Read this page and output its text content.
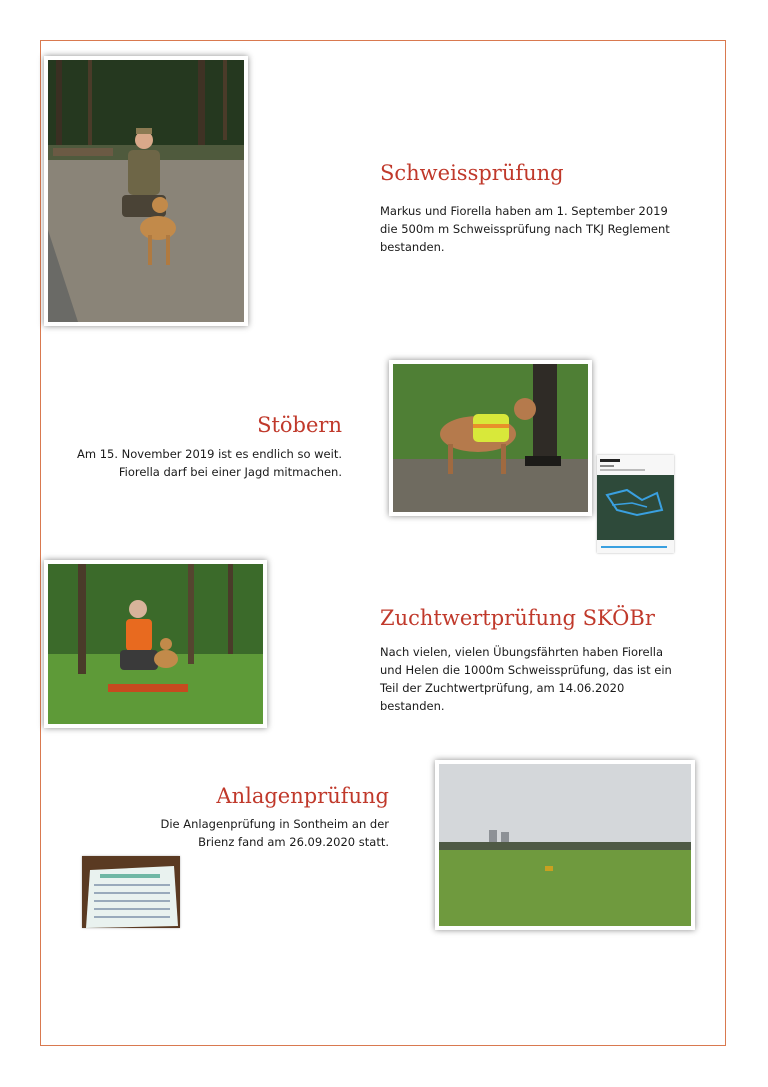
Schweissprüfung

Markus und Fiorella haben am 1. September 2019 die 500m m Schweissprüfung nach TKJ Reglement bestanden.

Stöbern

Am 15. November 2019 ist es endlich so weit.

Fiorella darf bei einer Jagd mitmachen.

Zuchtwertprüfung SKÖBr

Nach vielen, vielen Übungsfährten haben Fiorella und Helen die 1000m Schweissprüfung, das ist ein Teil der Zuchtwertprüfung, am 14.06.2020 bestanden.

Anlagenprüfung

Die Anlagenprüfung in Sontheim an der

Brienz fand am 26.09.2020 statt.
